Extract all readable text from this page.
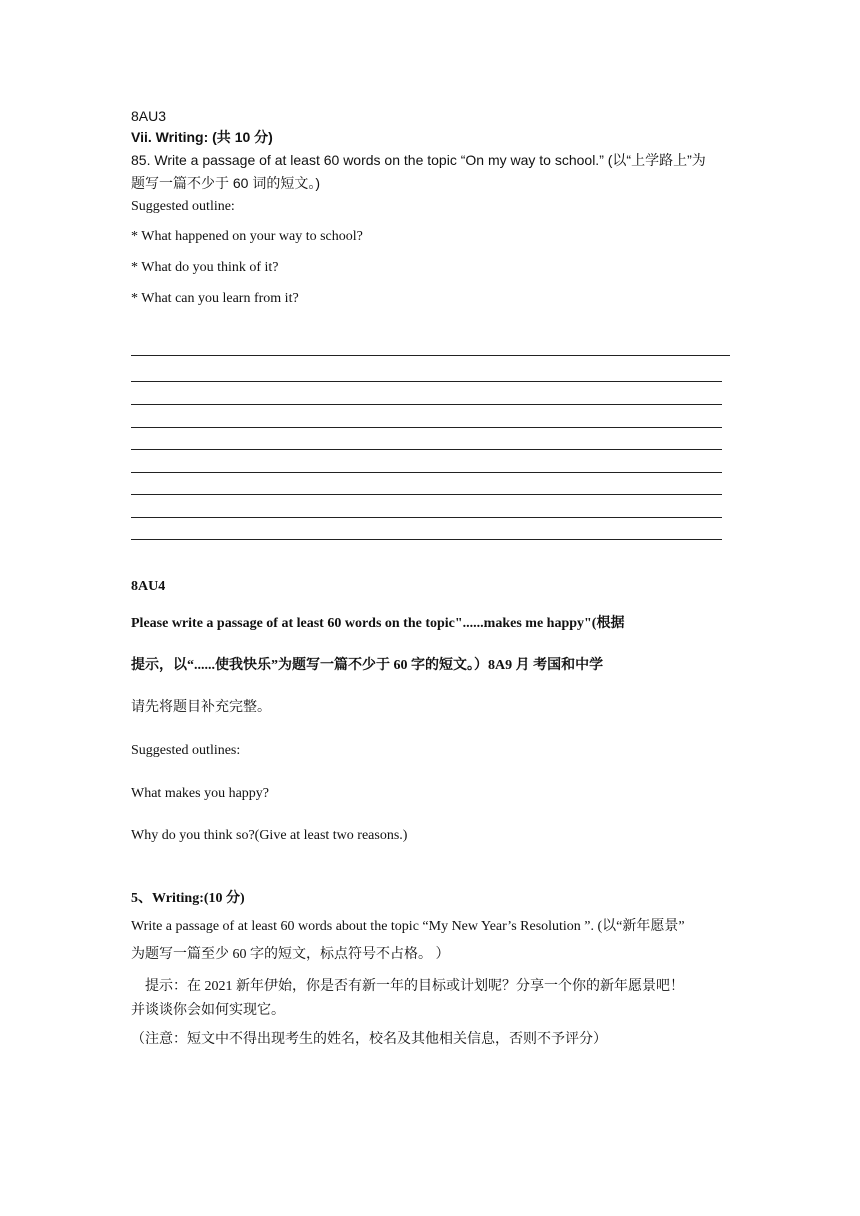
8AU3
Vii. Writing: (共 10 分)
85. Write a passage of at least 60 words on the topic “On my way to school.” (以“上学路上”为
题写一篇不少于 60 词的短文。)
Suggested outline:
* What happened on your way to school?
* What do you think of it?
* What can you learn from it?
8AU4
Please write a passage of at least 60 words on the topic"......makes me happy"(根据
提示，以“......使我快乐”为题写一篇不少于 60 字的短文。）8A9 月 考国和中学
请先将题目补充完整。
Suggested outlines:
What makes you happy?
Why do you think so?(Give at least two reasons.)
5、Writing:(10 分)
Write a passage of at least 60 words about the topic “My New Year’s Resolution ”. (以“新年愿景”
为题写一篇至少 60 字的短文，标点符号不占格。 ）
提示：在 2021 新年伊始，你是否有新一年的目标或计划呢？分享一个你的新年愿景吧！
并谈谈你会如何实现它。
（注意：短文中不得出现考生的姓名，校名及其他相关信息，否则不予评分）
